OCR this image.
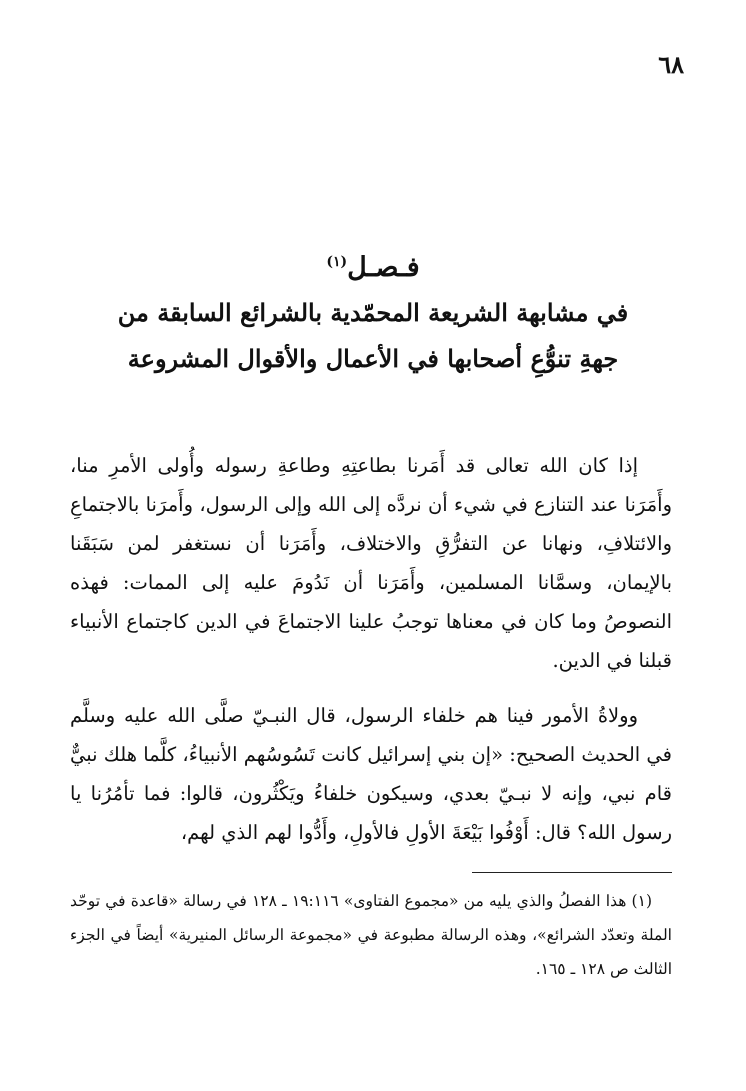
٦٨
فـصـل$^{(١)}$
في مشابهة الشريعة المحمّدية بالشرائع السابقة من
جهةِ تنوُّعِ أصحابها في الأعمال والأقوال المشروعة

إذا كان الله تعالى قد أَمَرنا بطاعتِهِ وطاعةِ رسوله وأُولى الأمرِ منا، وأَمَرَنا عند التنازع في شيء أن نردَّه إلى الله وإلى الرسول، وأَمرَنا بالاجتماعِ والائتلافِ، ونهانا عن التفرُّقِ والاختلاف، وأَمَرَنا أن نستغفر لمن سَبَقَنا بالإيمان، وسمَّانا المسلمين، وأَمَرَنا أن نَدُومَ عليه إلى الممات: فهذه النصوصُ وما كان في معناها توجبُ علينا الاجتماعَ في الدين كاجتماع الأنبياء قبلنا في الدين.

وولاةُ الأمور فينا هم خلفاء الرسول، قال النبـيّ صلَّى الله عليه وسلَّم في الحديث الصحيح: «إن بني إسرائيل كانت تَسُوسُهم الأنبياءُ، كلَّما هلك نبيٌّ قام نبي، وإنه لا نبـيّ بعدي، وسيكون خلفاءُ ويَكْثُرون، قالوا: فما تأمُرُنا يا رسول الله؟ قال: أَوْفُوا بَيْعَةَ الأولِ فالأولِ، وأَدُّوا لهم الذي لهم،

(١) هذا الفصلُ والذي يليه من «مجموع الفتاوى» ١٩:١١٦ ـ ١٢٨ في رسالة «قاعدة في توحّد الملة وتعدّد الشرائع»، وهذه الرسالة مطبوعة في «مجموعة الرسائل المنيرية» أيضاً في الجزء الثالث ص ١٢٨ ـ ١٦٥.
